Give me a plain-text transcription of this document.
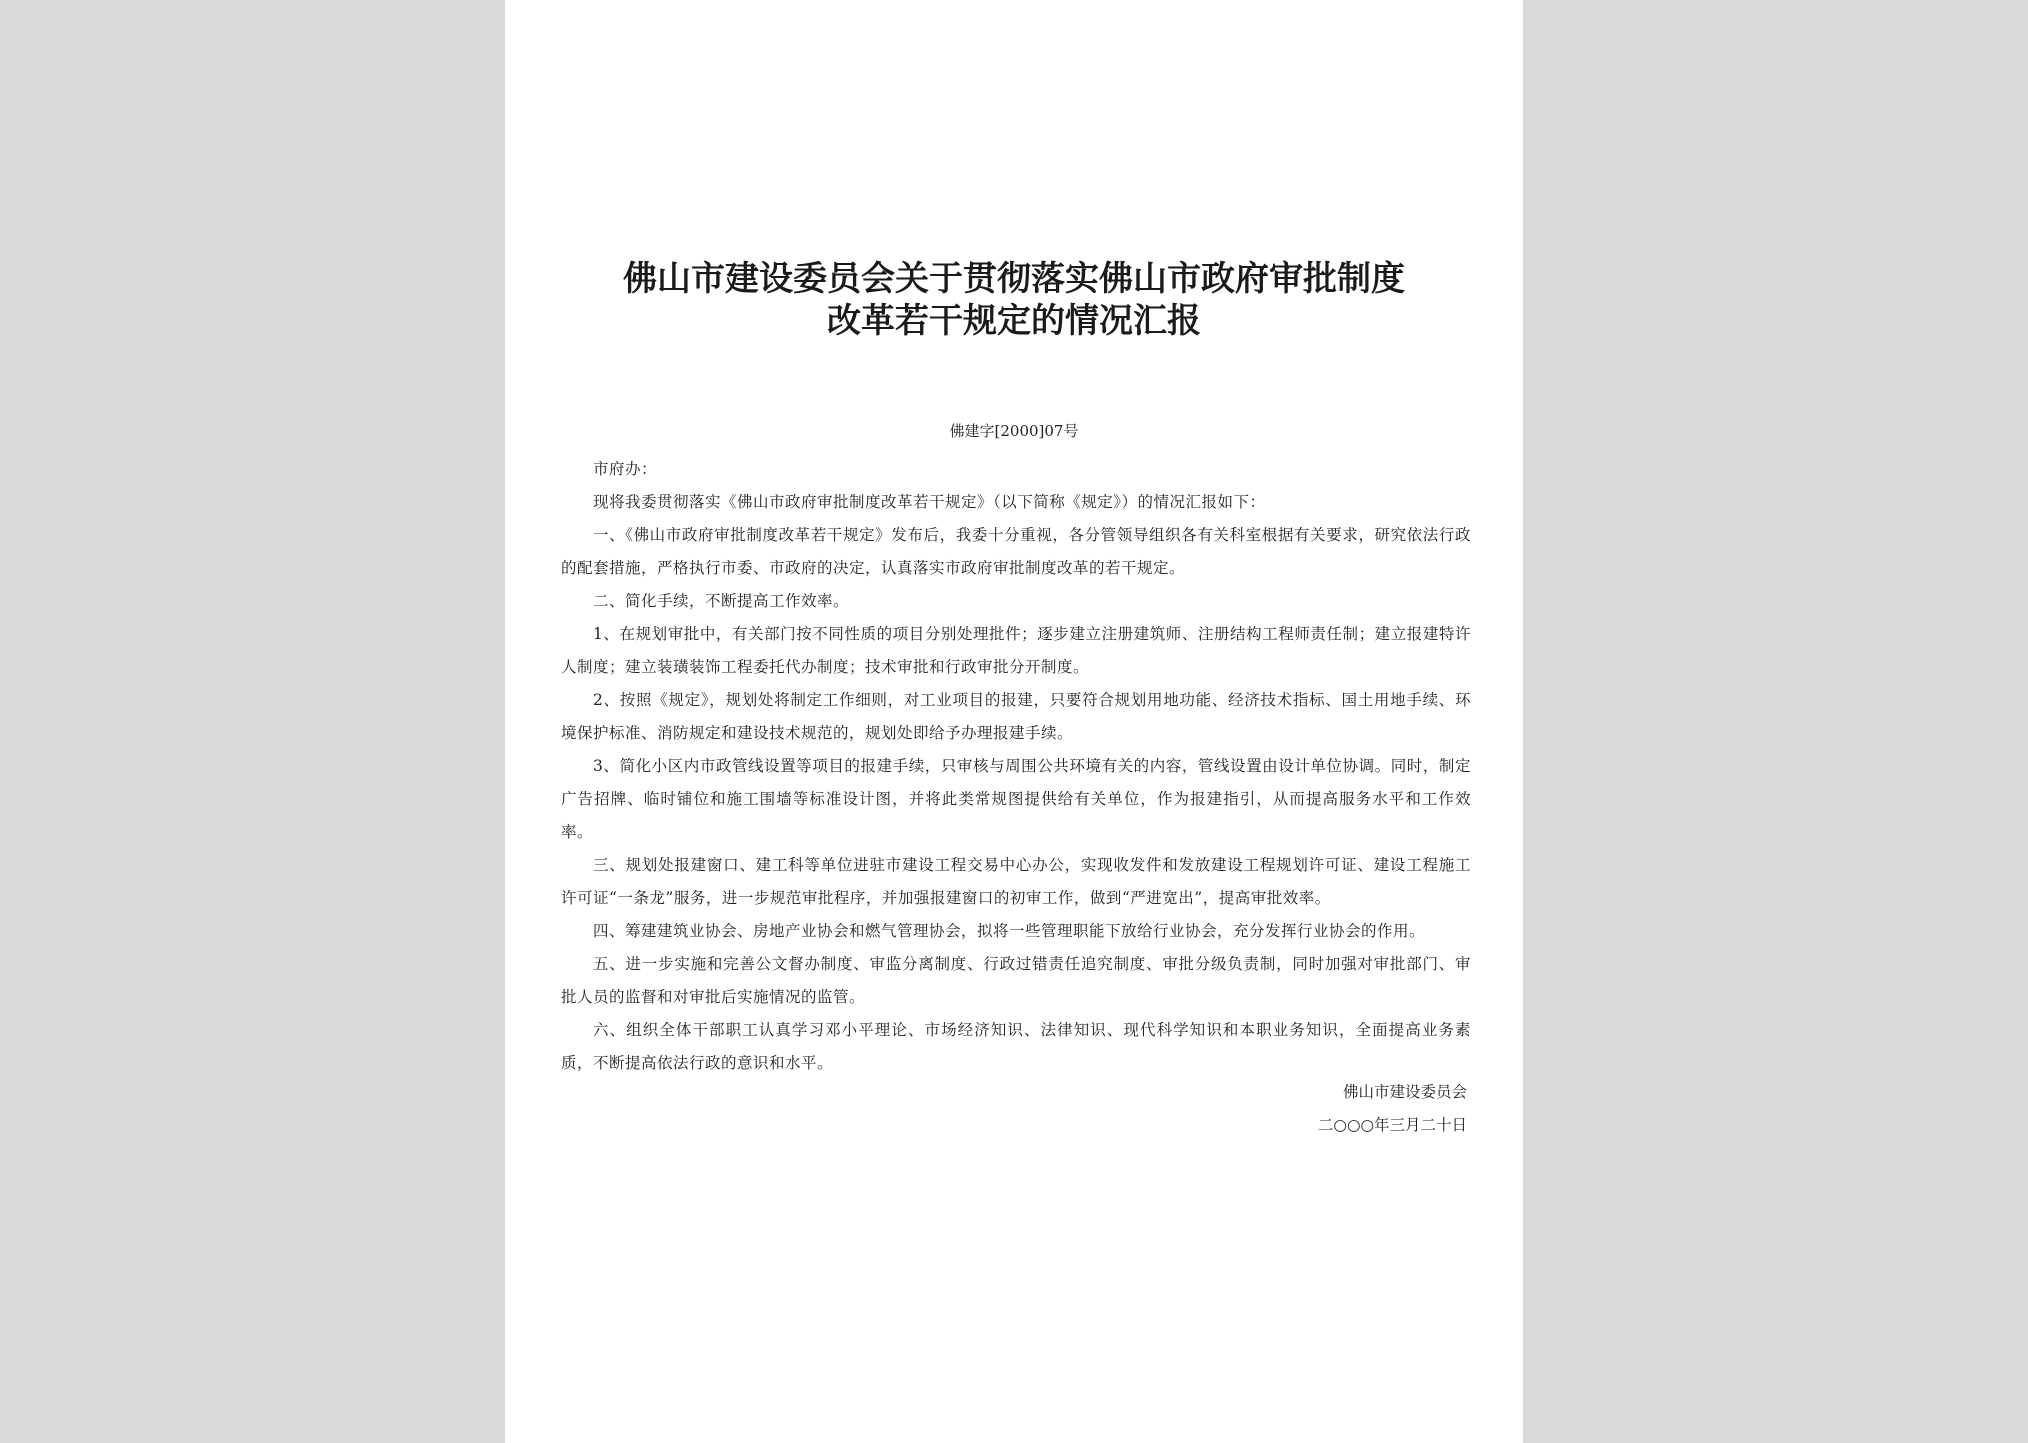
佛山市建设委员会关于贯彻落实佛山市政府审批制度
改革若干规定的情况汇报
佛建字[2000]07号

市府办：

现将我委贯彻落实《佛山市政府审批制度改革若干规定》（以下简称《规定》）的情况汇报如下：

一、《佛山市政府审批制度改革若干规定》发布后，我委十分重视，各分管领导组织各有关科室根据有关要求，研究依法行政的配套措施，严格执行市委、市政府的决定，认真落实市政府审批制度改革的若干规定。

二、简化手续，不断提高工作效率。

1、在规划审批中，有关部门按不同性质的项目分别处理批件；逐步建立注册建筑师、注册结构工程师责任制；建立报建特许人制度；建立装璜装饰工程委托代办制度；技术审批和行政审批分开制度。

2、按照《规定》，规划处将制定工作细则，对工业项目的报建，只要符合规划用地功能、经济技术指标、国土用地手续、环境保护标准、消防规定和建设技术规范的，规划处即给予办理报建手续。

3、简化小区内市政管线设置等项目的报建手续，只审核与周围公共环境有关的内容，管线设置由设计单位协调。同时，制定广告招牌、临时铺位和施工围墙等标准设计图，并将此类常规图提供给有关单位，作为报建指引，从而提高服务水平和工作效率。

三、规划处报建窗口、建工科等单位进驻市建设工程交易中心办公，实现收发件和发放建设工程规划许可证、建设工程施工许可证“一条龙”服务，进一步规范审批程序，并加强报建窗口的初审工作，做到“严进宽出”，提高审批效率。

四、筹建建筑业协会、房地产业协会和燃气管理协会，拟将一些管理职能下放给行业协会，充分发挥行业协会的作用。

五、进一步实施和完善公文督办制度、审监分离制度、行政过错责任追究制度、审批分级负责制，同时加强对审批部门、审批人员的监督和对审批后实施情况的监管。

六、组织全体干部职工认真学习邓小平理论、市场经济知识、法律知识、现代科学知识和本职业务知识，全面提高业务素质，不断提高依法行政的意识和水平。

佛山市建设委员会
二○○○年三月二十日
